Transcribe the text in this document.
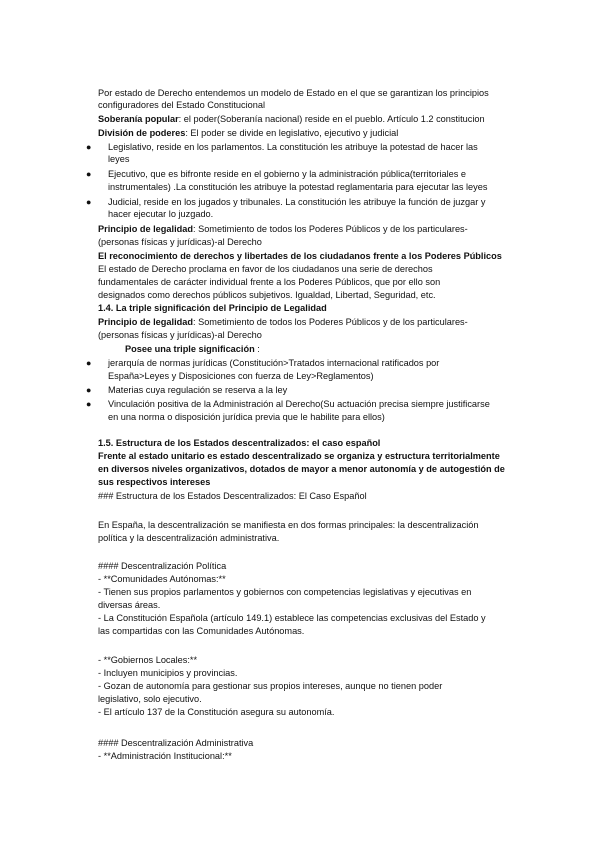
Por estado de Derecho entendemos un modelo de Estado en el que se garantizan los principios
configuradores del Estado Constitucional
Soberanía popular: el poder(Soberanía nacional) reside en el pueblo. Artículo 1.2 constitucion
División de poderes: El poder se divide en legislativo, ejecutivo y judicial
● Legislativo, reside en los parlamentos. La constitución les atribuye la potestad de hacer las
leyes
● Ejecutivo, que es bifronte reside en el gobierno y la administración pública(territoriales e
instrumentales) .La constitución les atribuye la potestad reglamentaria para ejecutar las leyes
● Judicial, reside en los jugados y tribunales. La constitución les atribuye la función de juzgar y
hacer ejecutar lo juzgado.
Principio de legalidad: Sometimiento de todos los Poderes Públicos y de los particulares-
(personas físicas y jurídicas)-al Derecho
El reconocimiento de derechos y libertades de los ciudadanos frente a los Poderes Públicos
El estado de Derecho proclama en favor de los ciudadanos una serie de derechos
fundamentales de carácter individual frente a los Poderes Públicos, que por ello son
designados como derechos públicos subjetivos. Igualdad, Libertad, Seguridad, etc.
1.4. La triple significación del Principio de Legalidad
Principio de legalidad: Sometimiento de todos los Poderes Públicos y de los particulares-
(personas físicas y jurídicas)-al Derecho
Posee una triple significación :
● jerarquía de normas jurídicas (Constitución>Tratados internacional ratificados por
España>Leyes y Disposiciones con fuerza de Ley>Reglamentos)
● Materias cuya regulación se reserva a la ley
● Vinculación positiva de la Administración al Derecho(Su actuación precisa siempre justificarse
en una norma o disposición jurídica previa que le habilite para ellos)
1.5. Estructura de los Estados descentralizados: el caso español
Frente al estado unitario es estado descentralizado se organiza y estructura territorialmente
en diversos niveles organizativos, dotados de mayor a menor autonomía y de autogestión de
sus respectivos intereses
### Estructura de los Estados Descentralizados: El Caso Español
En España, la descentralización se manifiesta en dos formas principales: la descentralización
política y la descentralización administrativa.
#### Descentralización Política
- **Comunidades Autónomas:**
- Tienen sus propios parlamentos y gobiernos con competencias legislativas y ejecutivas en
diversas áreas.
- La Constitución Española (artículo 149.1) establece las competencias exclusivas del Estado y
las compartidas con las Comunidades Autónomas.
- **Gobiernos Locales:**
- Incluyen municipios y provincias.
- Gozan de autonomía para gestionar sus propios intereses, aunque no tienen poder
legislativo, solo ejecutivo.
- El artículo 137 de la Constitución asegura su autonomía.
#### Descentralización Administrativa
- **Administración Institucional:**
